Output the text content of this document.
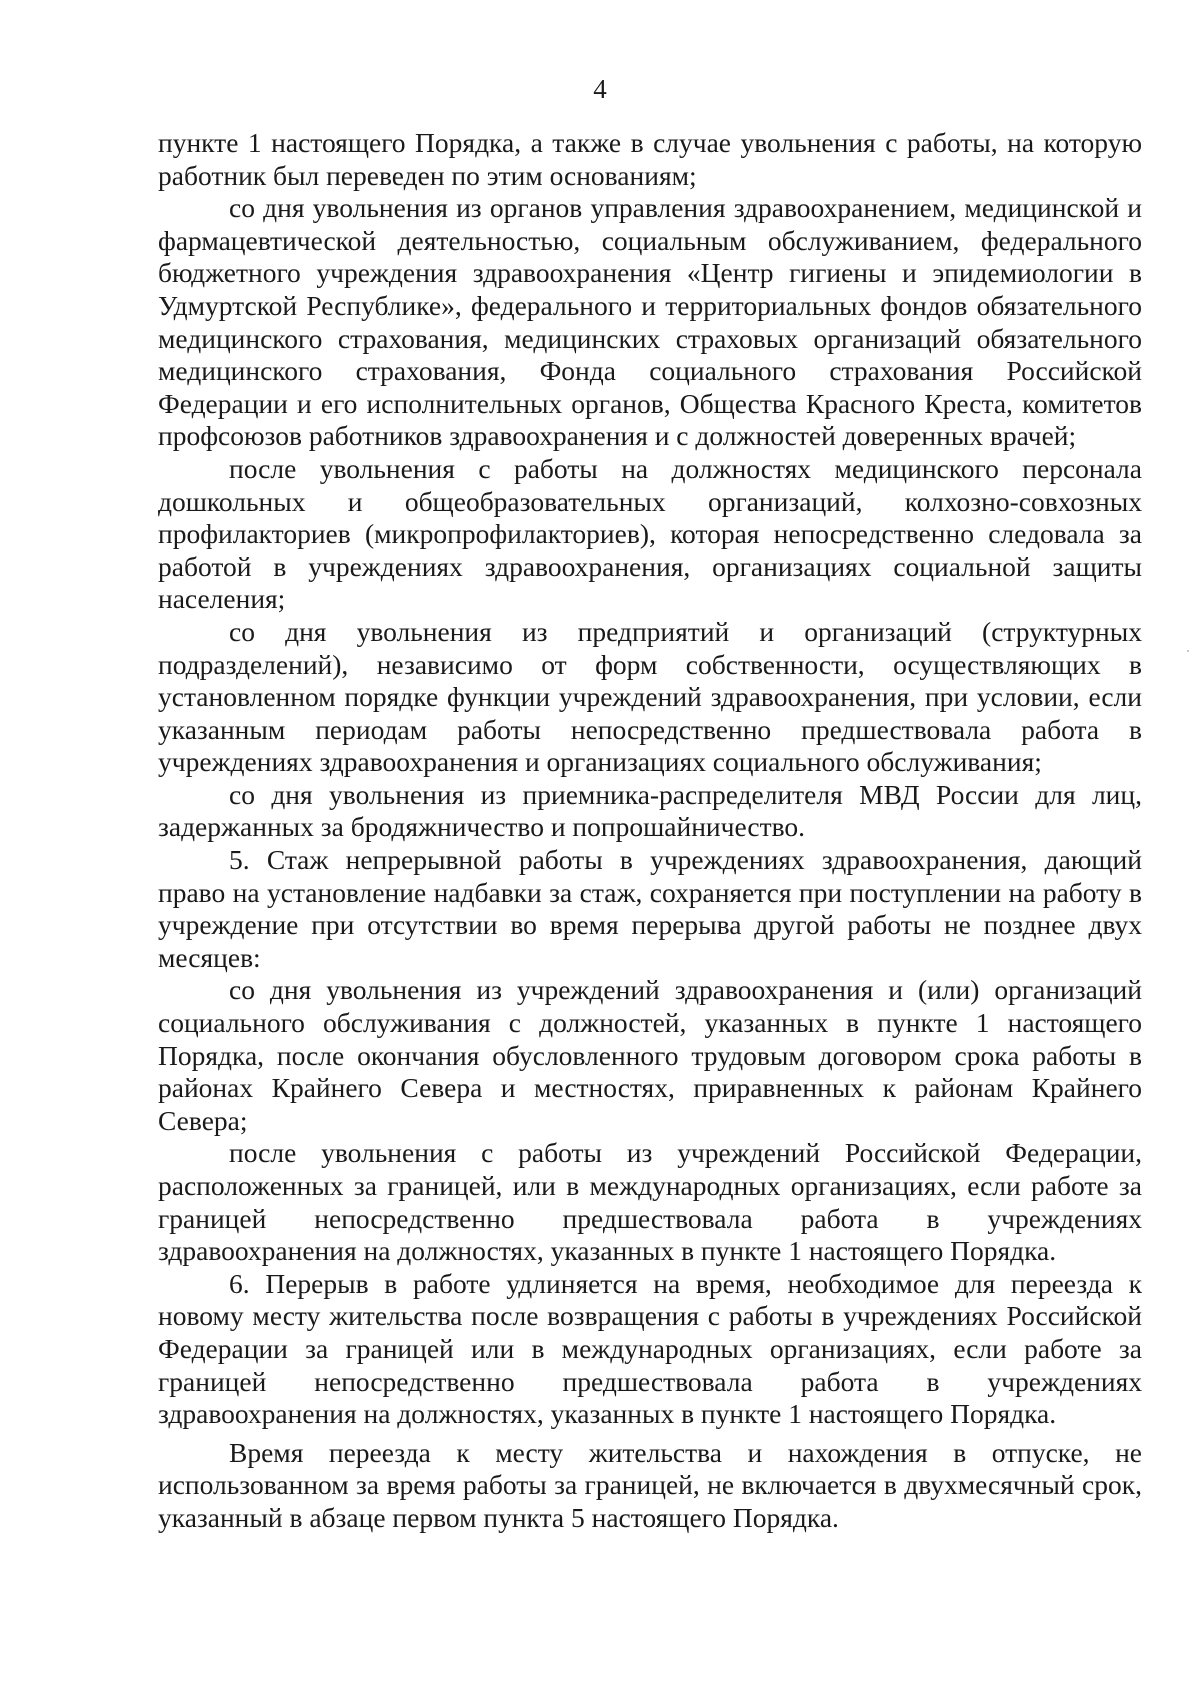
4

пункте 1 настоящего Порядка, а также в случае увольнения с работы, на которую работник был переведен по этим основаниям;

со дня увольнения из органов управления здравоохранением, медицинской и фармацевтической деятельностью, социальным обслуживанием, федерального бюджетного учреждения здравоохранения «Центр гигиены и эпидемиологии в Удмуртской Республике», федерального и территориальных фондов обязательного медицинского страхования, медицинских страховых организаций обязательного медицинского страхования, Фонда социального страхования Российской Федерации и его исполнительных органов, Общества Красного Креста, комитетов профсоюзов работников здравоохранения и с должностей доверенных врачей;

после увольнения с работы на должностях медицинского персонала дошкольных и общеобразовательных организаций, колхозно-совхозных профилакториев (микропрофилакториев), которая непосредственно следовала за работой в учреждениях здравоохранения, организациях социальной защиты населения;

со дня увольнения из предприятий и организаций (структурных подразделений), независимо от форм собственности, осуществляющих в установленном порядке функции учреждений здравоохранения, при условии, если указанным периодам работы непосредственно предшествовала работа в учреждениях здравоохранения и организациях социального обслуживания;

со дня увольнения из приемника-распределителя МВД России для лиц, задержанных за бродяжничество и попрошайничество.

5. Стаж непрерывной работы в учреждениях здравоохранения, дающий право на установление надбавки за стаж, сохраняется при поступлении на работу в учреждение при отсутствии во время перерыва другой работы не позднее двух месяцев:

со дня увольнения из учреждений здравоохранения и (или) организаций социального обслуживания с должностей, указанных в пункте 1 настоящего Порядка, после окончания обусловленного трудовым договором срока работы в районах Крайнего Севера и местностях, приравненных к районам Крайнего Севера;

после увольнения с работы из учреждений Российской Федерации, расположенных за границей, или в международных организациях, если работе за границей непосредственно предшествовала работа в учреждениях здравоохранения на должностях, указанных в пункте 1 настоящего Порядка.

6. Перерыв в работе удлиняется на время, необходимое для переезда к новому месту жительства после возвращения с работы в учреждениях Российской Федерации за границей или в международных организациях, если работе за границей непосредственно предшествовала работа в учреждениях здравоохранения на должностях, указанных в пункте 1 настоящего Порядка.

Время переезда к месту жительства и нахождения в отпуске, не использованном за время работы за границей, не включается в двухмесячный срок, указанный в абзаце первом пункта 5 настоящего Порядка.
